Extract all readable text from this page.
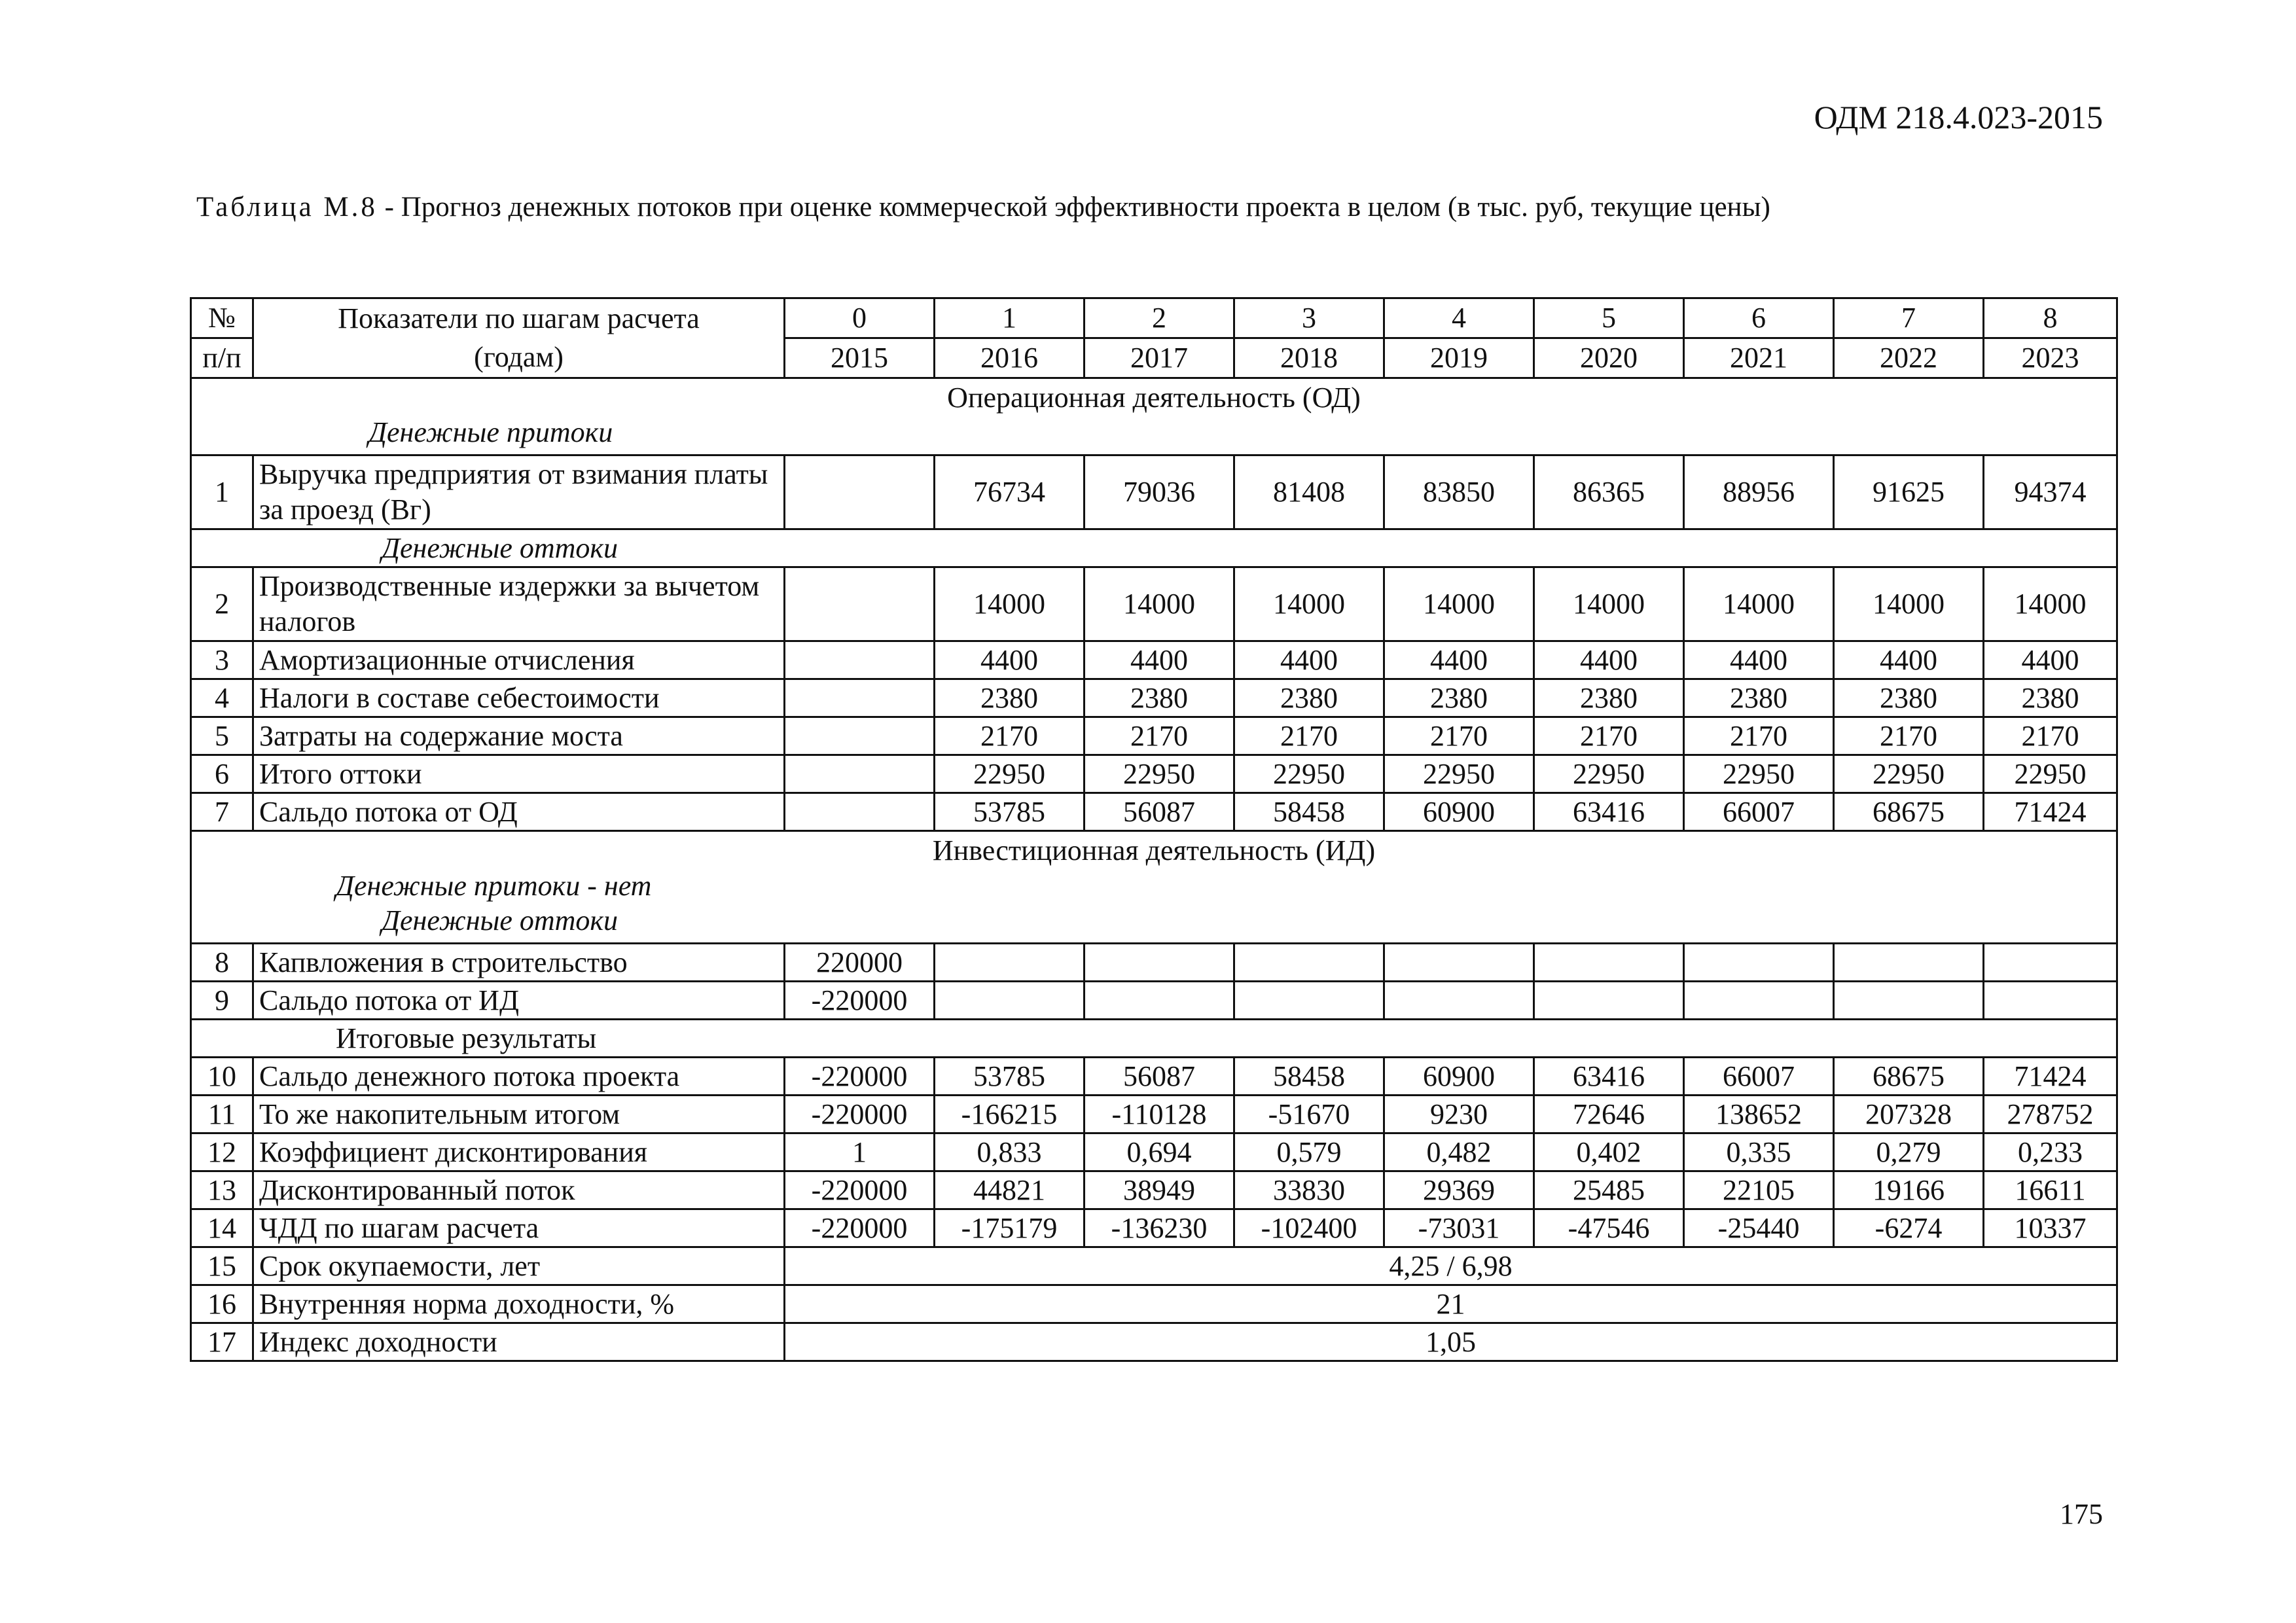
ОДМ 218.4.023-2015
Таблица М.8 - Прогноз денежных потоков при оценке коммерческой эффективности проекта в целом (в тыс. руб, текущие цены)
№	Показатели по шагам расчета (годам)	0	1	2	3	4	5	6	7	8
п/п		2015	2016	2017	2018	2019	2020	2021	2022	2023

Операционная деятельность (ОД)
Денежные притоки										

1	Выручка предприятия от взимания платы за проезд (Вг)		76734	79036	81408	83850	86365	88956	91625	94374

Денежные оттоки										

2	Производственные издержки за вычетом налогов		14000	14000	14000	14000	14000	14000	14000	14000
3	Амортизационные отчисления		4400	4400	4400	4400	4400	4400	4400	4400
4	Налоги в составе себестоимости		2380	2380	2380	2380	2380	2380	2380	2380
5	Затраты на содержание моста		2170	2170	2170	2170	2170	2170	2170	2170
6	Итого оттоки		22950	22950	22950	22950	22950	22950	22950	22950
7	Сальдо потока от ОД		53785	56087	58458	60900	63416	66007	68675	71424

Инвестиционная деятельность (ИД)
Денежные притоки - нет
Денежные оттоки										

8	Капвложения в строительство	220000								
9	Сальдо потока от ИД	-220000								

Итоговые результаты										

10	Сальдо денежного потока проекта	-220000	53785	56087	58458	60900	63416	66007	68675	71424
11	То же накопительным итогом	-220000	-166215	-110128	-51670	9230	72646	138652	207328	278752
12	Коэффициент дисконтирования	1	0,833	0,694	0,579	0,482	0,402	0,335	0,279	0,233
13	Дисконтированный поток	-220000	44821	38949	33830	29369	25485	22105	19166	16611
14	ЧДД по шагам расчета	-220000	-175179	-136230	-102400	-73031	-47546	-25440	-6274	10337
15	Срок окупаемости, лет	4,25 / 6,98								
16	Внутренняя норма доходности, %	21								
17	Индекс доходности	1,05								
175
